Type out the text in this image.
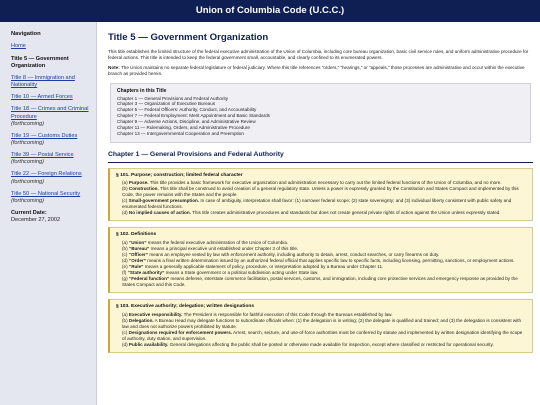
Union of Columbia Code (U.C.C.)
Navigation
Home
Title 5 — Government Organization
Title 8 — Immigration and Nationality
Title 10 — Armed Forces
Title 18 — Crimes and Criminal Procedure
(forthcoming)
Title 19 — Customs Duties
(forthcoming)
Title 39 — Postal Service
(forthcoming)
Title 22 — Foreign Relations
(forthcoming)
Title 50 — National Security
(forthcoming)
Current Date:
December 27, 2002
Title 5 — Government Organization

This title establishes the limited structure of the federal executive administration of the Union of Columbia, including core bureau organization, basic civil service rules, and uniform administrative procedure for federal actions. This title is intended to keep the federal government small, accountable, and clearly confined to its enumerated powers.

Note: The Union maintains no separate federal legislature or federal judiciary. Where this title references “orders,” “hearings,” or “appeals,” those processes are administrative and occur within the executive branch as provided herein.

Chapters in this Title
Chapter 1 — General Provisions and Federal Authority
Chapter 3 — Organization of Executive Bureaus
Chapter 5 — Federal Officers: Authority, Conduct, and Accountability
Chapter 7 — Federal Employment: Merit Appointment and Basic Standards
Chapter 9 — Adverse Actions, Discipline, and Administrative Review
Chapter 11 — Rulemaking, Orders, and Administrative Procedure
Chapter 13 — Intergovernmental Cooperation and Preemption
Chapter 1 — General Provisions and Federal Authority
§ 101. Purpose; construction; limited federal character
(a) Purpose. This title provides a basic framework for executive organization and administration necessary to carry out the limited federal functions of the Union of Columbia, and no more.
(b) Construction. This title shall be construed to avoid creation of a general regulatory state. Unless a power is expressly granted by the Constitution and States Compact and implemented by this Code, the power remains with the States and the people.
(c) Small-government presumption. In case of ambiguity, interpretation shall favor: (1) narrower federal scope; (2) state sovereignty; and (3) individual liberty consistent with public safety and enumerated federal functions.
(d) No implied causes of action. This title creates administrative procedures and standards but does not create general private rights of action against the Union unless expressly stated.
§ 102. Definitions
(a) “Union” means the federal executive administration of the Union of Columbia.
(b) “Bureau” means a principal executive unit established under Chapter 3 of this title.
(c) “Officer” means an employee vested by law with enforcement authority, including authority to detain, arrest, conduct searches, or carry firearms on duty.
(d) “Order” means a final written determination issued by an authorized federal official that applies specific law to specific facts, including licensing, permitting, sanctions, or employment actions.
(e) “Rule” means a generally applicable statement of policy, procedure, or interpretation adopted by a Bureau under Chapter 11.
(f) “State authority” means a State government or a political subdivision acting under State law.
(g) “Federal function” means defense, interstate commerce facilitation, postal services, customs, and immigration, including core protective services and emergency response as provided by the States Compact and this Code.
§ 103. Executive authority; delegation; written designations
(a) Executive responsibility. The President is responsible for faithful execution of this Code through the Bureaus established by law.
(b) Delegation. A Bureau Head may delegate functions to subordinate officials when: (1) the delegation is in writing; (2) the delegate is qualified and trained; and (3) the delegation is consistent with law and does not authorize powers prohibited by statute.
(c) Designations required for enforcement powers. Arrest, search, seizure, and use-of-force authorities must be conferred by statute and implemented by written designation identifying the scope of authority, duty station, and supervision.
(d) Public availability. General delegations affecting the public shall be posted or otherwise made available for inspection, except where classified or restricted for operational security.
